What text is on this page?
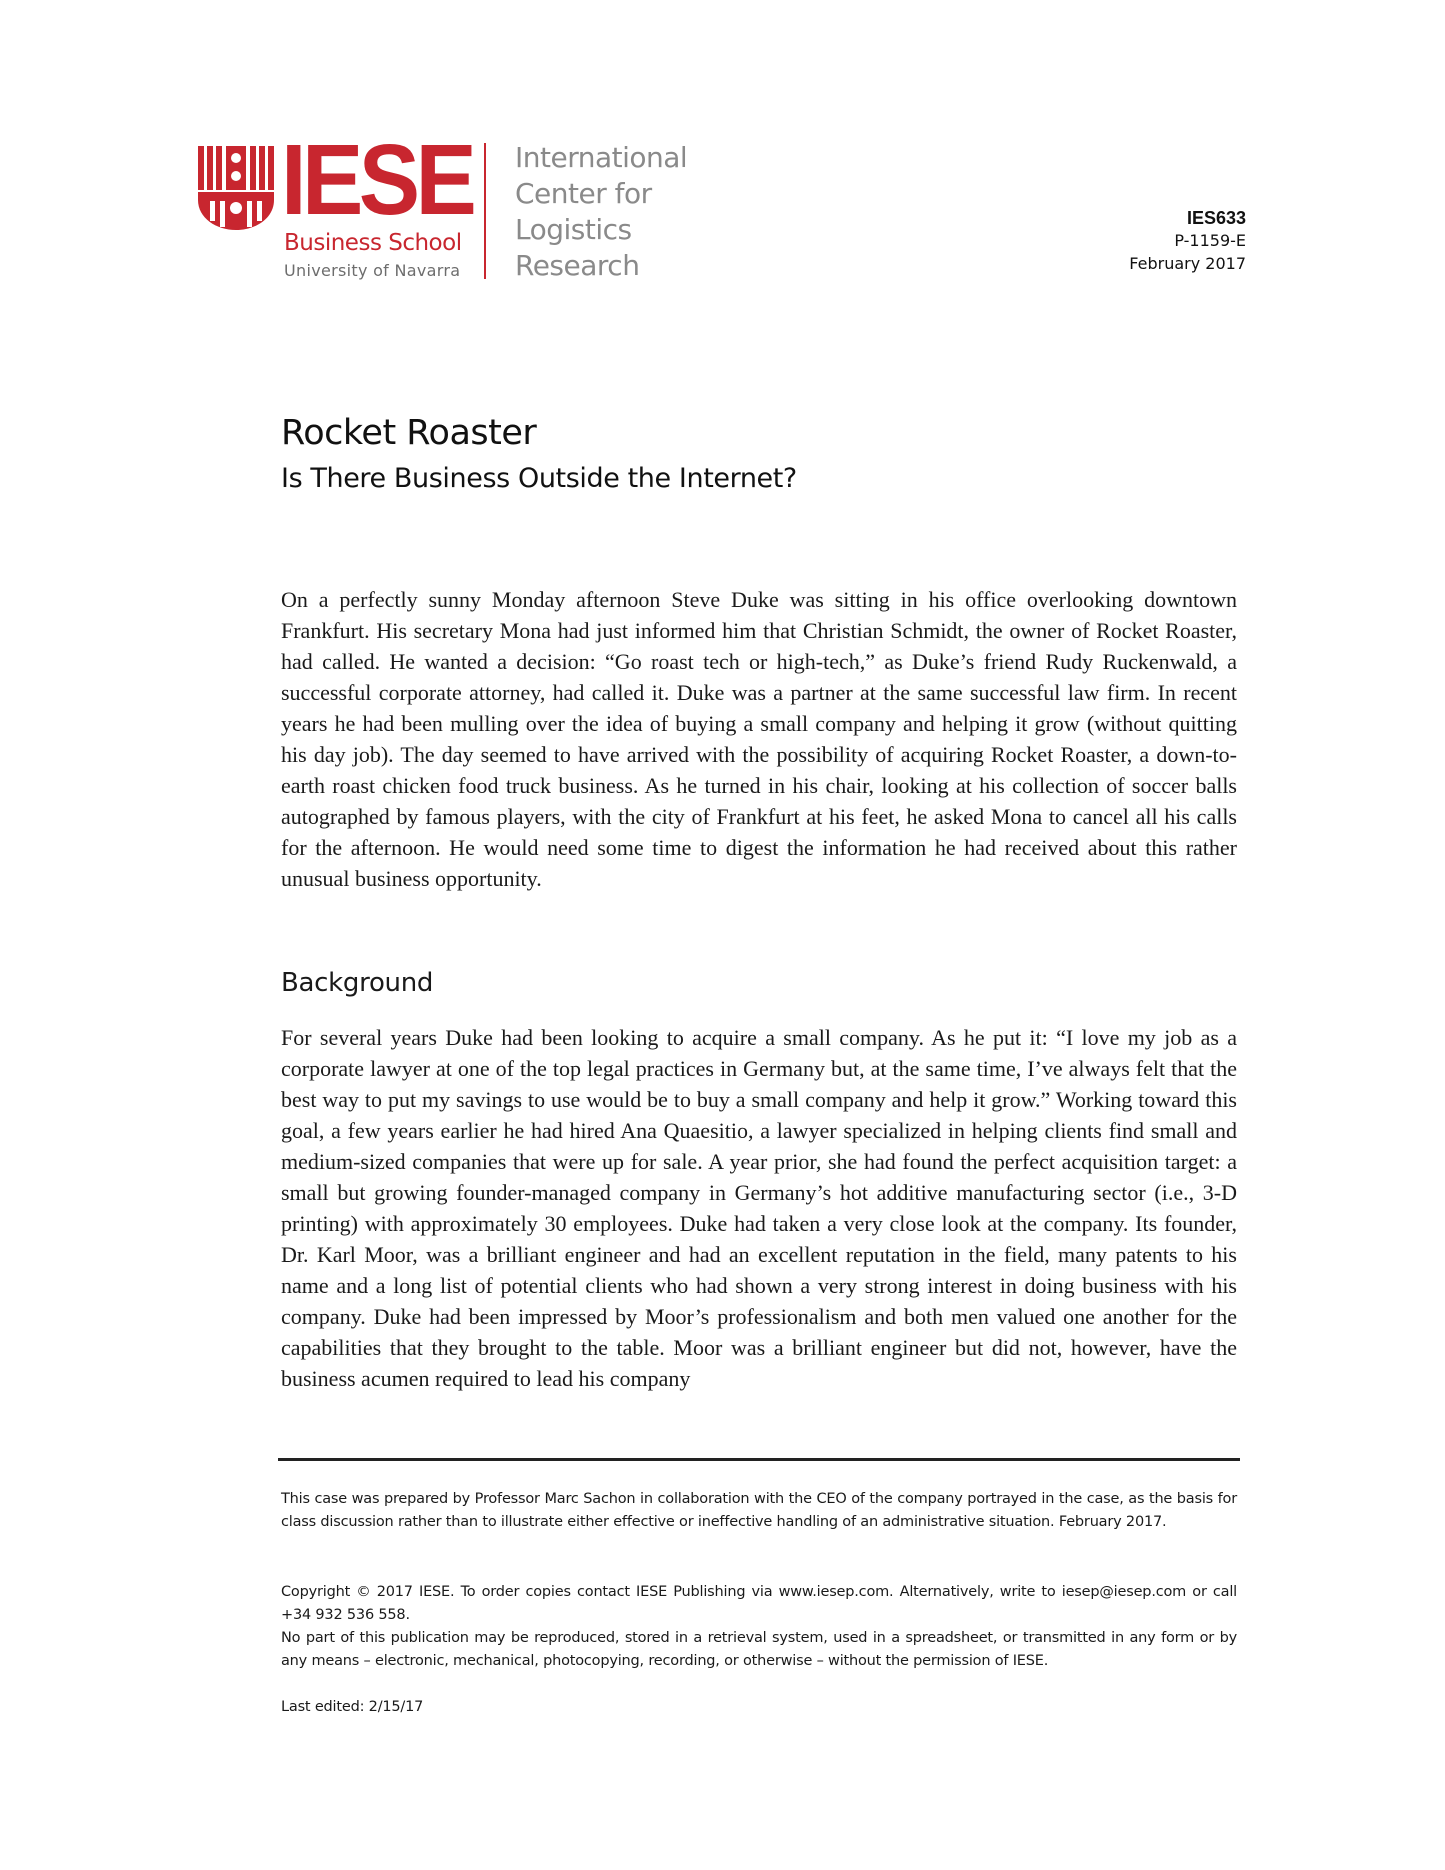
IESE
Business School
University of Navarra
International
Center for
Logistics
Research
IES633
P-1159-E
February 2017
Rocket Roaster
Is There Business Outside the Internet?

On a perfectly sunny Monday afternoon Steve Duke was sitting in his office overlooking downtown Frankfurt. His secretary Mona had just informed him that Christian Schmidt, the owner of Rocket Roaster, had called. He wanted a decision: “Go roast tech or high-tech,” as Duke’s friend Rudy Ruckenwald, a successful corporate attorney, had called it. Duke was a partner at the same successful law firm. In recent years he had been mulling over the idea of buying a small company and helping it grow (without quitting his day job). The day seemed to have arrived with the possibility of acquiring Rocket Roaster, a down-to-earth roast chicken food truck business. As he turned in his chair, looking at his collection of soccer balls autographed by famous players, with the city of Frankfurt at his feet, he asked Mona to cancel all his calls for the afternoon. He would need some time to digest the information he had received about this rather unusual business opportunity.

Background

For several years Duke had been looking to acquire a small company. As he put it: “I love my job as a corporate lawyer at one of the top legal practices in Germany but, at the same time, I’ve always felt that the best way to put my savings to use would be to buy a small company and help it grow.” Working toward this goal, a few years earlier he had hired Ana Quaesitio, a lawyer specialized in helping clients find small and medium-sized companies that were up for sale. A year prior, she had found the perfect acquisition target: a small but growing founder-managed company in Germany’s hot additive manufacturing sector (i.e., 3-D printing) with approximately 30 employees. Duke had taken a very close look at the company. Its founder, Dr. Karl Moor, was a brilliant engineer and had an excellent reputation in the field, many patents to his name and a long list of potential clients who had shown a very strong interest in doing business with his company. Duke had been impressed by Moor’s professionalism and both men valued one another for the capabilities that they brought to the table. Moor was a brilliant engineer but did not, however, have the business acumen required to lead his company

This case was prepared by Professor Marc Sachon in collaboration with the CEO of the company portrayed in the case, as the basis for class discussion rather than to illustrate either effective or ineffective handling of an administrative situation. February 2017.

Copyright © 2017 IESE. To order copies contact IESE Publishing via www.iesep.com. Alternatively, write to iesep@iesep.com or call +34 932 536 558.

No part of this publication may be reproduced, stored in a retrieval system, used in a spreadsheet, or transmitted in any form or by any means – electronic, mechanical, photocopying, recording, or otherwise – without the permission of IESE.

Last edited: 2/15/17
